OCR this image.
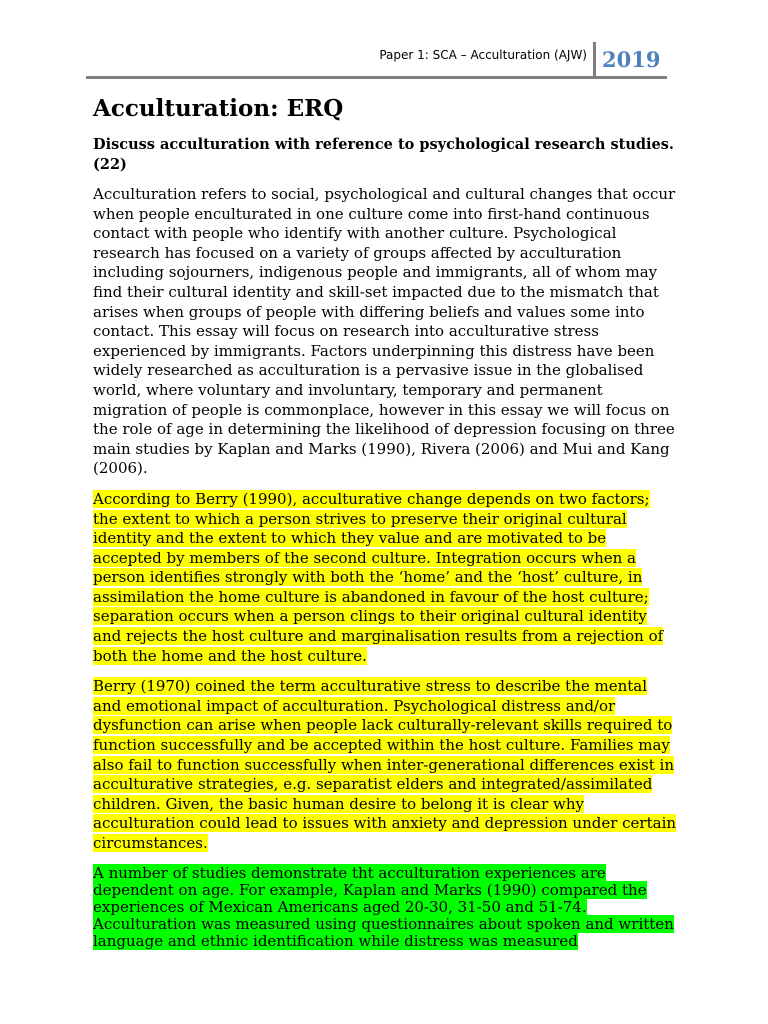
Paper 1: SCA – Acculturation (AJW) 2019
Acculturation: ERQ
Discuss acculturation with reference to psychological research studies. (22)

Acculturation refers to social, psychological and cultural changes that occur when people enculturated in one culture come into first-hand continuous contact with people who identify with another culture. Psychological research has focused on a variety of groups affected by acculturation including sojourners, indigenous people and immigrants, all of whom may find their cultural identity and skill-set impacted due to the mismatch that arises when groups of people with differing beliefs and values some into contact. This essay will focus on research into acculturative stress experienced by immigrants. Factors underpinning this distress have been widely researched as acculturation is a pervasive issue in the globalised world, where voluntary and involuntary, temporary and permanent migration of people is commonplace, however in this essay we will focus on the role of age in determining the likelihood of depression focusing on three main studies by Kaplan and Marks (1990), Rivera (2006) and Mui and Kang (2006).

According to Berry (1990), acculturative change depends on two factors; the extent to which a person strives to preserve their original cultural identity and the extent to which they value and are motivated to be accepted by members of the second culture. Integration occurs when a person identifies strongly with both the ‘home’ and the ‘host’ culture, in assimilation the home culture is abandoned in favour of the host culture; separation occurs when a person clings to their original cultural identity and rejects the host culture and marginalisation results from a rejection of both the home and the host culture.

Berry (1970) coined the term acculturative stress to describe the mental and emotional impact of acculturation. Psychological distress and/or dysfunction can arise when people lack culturally-relevant skills required to function successfully and be accepted within the host culture. Families may also fail to function successfully when inter-generational differences exist in acculturative strategies, e.g. separatist elders and integrated/assimilated children. Given, the basic human desire to belong it is clear why acculturation could lead to issues with anxiety and depression under certain circumstances.

A number of studies demonstrate tht acculturation experiences are dependent on age. For example, Kaplan and Marks (1990) compared the experiences of Mexican Americans aged 20-30, 31-50 and 51-74. Acculturation was measured using questionnaires about spoken and written language and ethnic identification while distress was measured
